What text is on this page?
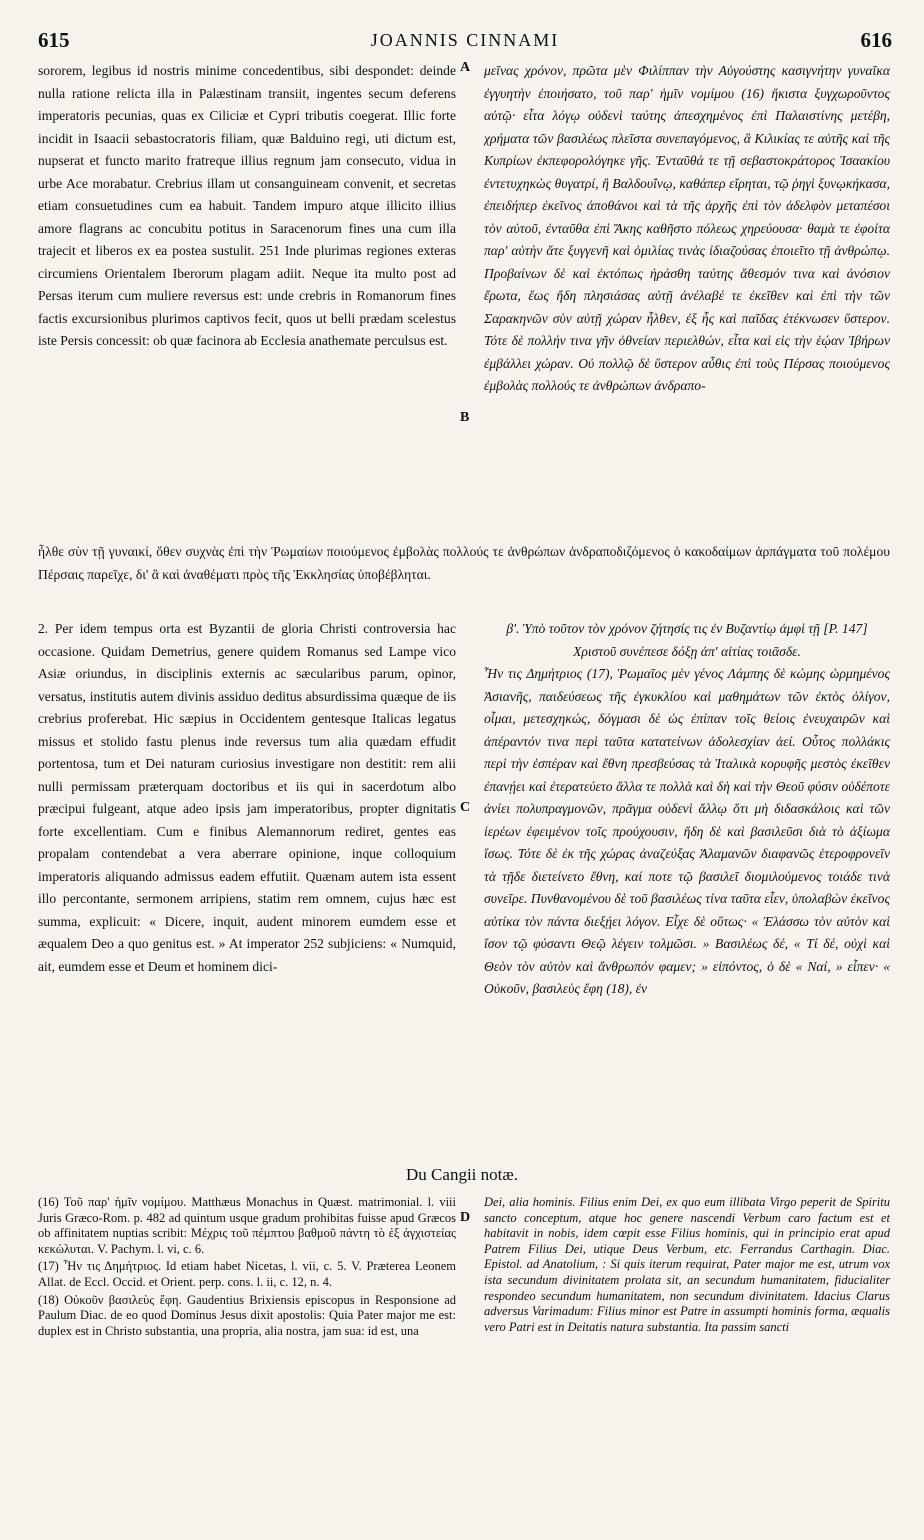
615	JOANNIS CINNAMI	616
A
B
C
D
sororem, legibus id nostris minime concedentibus, sibi despondet: deinde nulla ratione relicta illa in Palæstinam transiit, ingentes secum deferens imperatoris pecunias, quas ex Ciliciæ et Cypri tributis coegerat. Illic forte incidit in Isaacii sebastocratoris filiam, quæ Balduino regi, uti dictum est, nupserat et functo marito fratreque illius regnum jam consecuto, vidua in urbe Ace morabatur. Crebrius illam ut consanguineam convenit, et secretas etiam consuetudines cum ea habuit. Tandem impuro atque illicito illius amore flagrans ac concubitu potitus in Saracenorum fines una cum illa trajecit et liberos ex ea postea sustulit. 251 Inde plurimas regiones exteras circumiens Orientalem Iberorum plagam adiit. Neque ita multo post ad Persas iterum cum muliere reversus est: unde crebris in Romanorum fines factis excursionibus plurimos captivos fecit, quos ut belli prædam scelestus iste Persis concessit: ob quæ facinora ab Ecclesia anathemate perculsus est.
μεῖνας χρόνον, πρῶτα μὲν Φιλίππαν τὴν Αὐγούστης κασιγνήτην γυναῖκα ἐγγυητὴν ἐποιήσατο, τοῦ παρ' ἡμῖν νομίμου (16) ἥκιστα ξυγχωροῦντος αὐτῷ· εἶτα λόγῳ οὐδενὶ ταύτης ἀπεσχημένος ἐπὶ Παλαιστίνης μετέβη, χρήματα τῶν βασιλέως πλεῖστα συνεπαγόμενος, ἃ Κιλικίας τε αὐτῆς καὶ τῆς Κυπρίων ἐκπεφορολόγηκε γῆς. Ἐνταῦθά τε τῇ σεβαστοκράτορος Ἰσαακίου ἐντετυχηκὼς θυγατρί, ἣ Βαλδουΐνῳ, καθάπερ εἴρηται, τῷ ῥηγὶ ξυνῳκήκασα, ἐπειδήπερ ἐκεῖνος ἀποθάνοι καὶ τὰ τῆς ἀρχῆς ἐπὶ τὸν ἀδελφὸν μεταπέσοι τὸν αὐτοῦ, ἐνταῦθα ἐπὶ Ἄκης καθῆστο πόλεως χηρεύουσα· θαμὰ τε ἐφοίτα παρ' αὐτὴν ἅτε ξυγγενῆ καὶ ὁμιλίας τινὰς ἰδιαζούσας ἐποιεῖτο τῇ ἀνθρώπῳ. Προβαίνων δὲ καὶ ἐκτόπως ἠράσθη ταύτης ἄθεσμόν τινα καὶ ἀνόσιον ἔρωτα, ἕως ἤδη πλησιάσας αὐτῇ ἀνέλαβέ τε ἐκεῖθεν καὶ ἐπὶ τὴν τῶν Σαρακηνῶν σὺν αὐτῇ χώραν ἦλθεν, ἐξ ἧς καὶ παῖδας ἐτέκνωσεν ὕστερον. Τότε δὲ πολλήν τινα γῆν ὀθνείαν περιελθών, εἶτα καὶ εἰς τὴν ἑῴαν Ἰβήρων ἐμβάλλει χώραν. Οὐ πολλῷ δὲ ὕστερον αὖθις ἐπὶ τοὺς Πέρσας ποιούμενος ἐμβολὰς πολλούς τε ἀνθρώπων ἀνδραπο-
ἦλθε σὺν τῇ γυναικί, ὅθεν συχνὰς ἐπὶ τὴν Ῥωμαίων ποιούμενος ἐμβολὰς πολλούς τε ἀνθρώπων ἀνδραποδιζόμενος ὁ κακοδαίμων ἁρπάγματα τοῦ πολέμου Πέρσαις παρεῖχε, δι' ἃ καὶ ἀναθέματι πρὸς τῆς Ἐκκλησίας ὑποβέβληται.
2. Per idem tempus orta est Byzantii de gloria Christi controversia hac occasione. Quidam Demetrius, genere quidem Romanus sed Lampe vico Asiæ oriundus, in disciplinis externis ac sæcularibus parum, opinor, versatus, institutis autem divinis assiduo deditus absurdissima quæque de iis crebrius proferebat. Hic sæpius in Occidentem gentesque Italicas legatus missus et stolido fastu plenus inde reversus tum alia quædam effudit portentosa, tum et Dei naturam curiosius investigare non destitit: rem alii nulli permissam præterquam doctoribus et iis qui in sacerdotum albo præcipui fulgeant, atque adeo ipsis jam imperatoribus, propter dignitatis forte excellentiam. Cum e finibus Alemannorum rediret, gentes eas propalam contendebat a vera aberrare opinione, inque colloquium imperatoris aliquando admissus eadem effutiit. Quænam autem ista essent illo percontante, sermonem arripiens, statim rem omnem, cujus hæc est summa, explicuit: « Dicere, inquit, audent minorem eumdem esse et æqualem Deo a quo genitus est. » At imperator 252 subjiciens: « Numquid, ait, eumdem esse et Deum et hominem dici-
β'. Ὑπὸ τοῦτον τὸν χρόνον ζήτησίς τις ἐν Βυζαντίῳ ἀμφὶ τῇ [P. 147] Χριστοῦ συνέπεσε δόξῃ ἀπ' αἰτίας τοιᾶσδε.
Ἦν τις Δημήτριος (17), Ῥωμαῖος μὲν γένος Λάμπης δὲ κώμης ὡρμημένος Ἀσιανῆς, παιδεύσεως τῆς ἐγκυκλίου καὶ μαθημάτων τῶν ἐκτὸς ὀλίγον, οἶμαι, μετεσχηκώς, δόγμασι δὲ ὡς ἐπίπαν τοῖς θείοις ἐνευχαιρῶν καὶ ἀπέραντόν τινα περὶ ταῦτα κατατείνων ἀδολεσχίαν ἀεί. Οὗτος πολλάκις περὶ τὴν ἑσπέραν καὶ ἔθνη πρεσβεύσας τὰ Ἰταλικὰ κορυφῆς μεστὸς ἐκεῖθεν ἐπανῄει καὶ ἐτερατεύετο ἄλλα τε πολλὰ καὶ δὴ καὶ τὴν Θεοῦ φύσιν οὐδέποτε ἀνίει πολυπραγμονῶν, πρᾶγμα οὐδενὶ ἄλλῳ ὅτι μὴ διδασκάλοις καὶ τῶν ἱερέων ἐφειμένον τοῖς προύχουσιν, ἤδη δὲ καὶ βασιλεῦσι διὰ τὸ ἀξίωμα ἴσως. Τότε δὲ ἐκ τῆς χώρας ἀναζεύξας Ἀλαμανῶν διαφανῶς ἑτεροφρονεῖν τὰ τῇδε διετείνετο ἔθνη, καί ποτε τῷ βασιλεῖ διομιλούμενος τοιάδε τινὰ συνεῖρε. Πυνθανομένου δὲ τοῦ βασιλέως τίνα ταῦτα εἶεν, ὑπολαβὼν ἐκεῖνος αὐτίκα τὸν πάντα διεξῄει λόγον. Εἶχε δὲ οὕτως· « Ἐλάσσω τὸν αὐτὸν καὶ ἴσον τῷ φύσαντι Θεῷ λέγειν τολμῶσι. » Βασιλέως δέ, « Τί δέ, οὐχὶ καὶ Θεὸν τὸν αὐτὸν καὶ ἄνθρωπόν φαμεν; » εἰπόντος, ὁ δὲ « Ναί, » εἶπεν· « Οὐκοῦν, βασιλεὺς ἔφη (18), ἐν
Du Cangii notæ.

(16) Τοῦ παρ' ἡμῖν νομίμου. Matthæus Monachus in Quæst. matrimonial. l. viii Juris Græco-Rom. p. 482 ad quintum usque gradum prohibitas fuisse apud Græcos ob affinitatem nuptias scribit: Μέχρις τοῦ πέμπτου βαθμοῦ πάντη τὸ ἐξ ἀγχιστείας κεκώλυται. V. Pachym. l. vi, c. 6.

(17) Ἦν τις Δημήτριος. Id etiam habet Nicetas, l. vii, c. 5. V. Præterea Leonem Allat. de Eccl. Occid. et Orient. perp. cons. l. ii, c. 12, n. 4.

(18) Οὐκοῦν βασιλεὺς ἔφη. Gaudentius Brixiensis episcopus in Responsione ad Paulum Diac. de eo quod Dominus Jesus dixit apostolis: Quia Pater major me est: duplex est in Christo substantia, una propria, alia nostra, jam sua: id est, una

Dei, alia hominis. Filius enim Dei, ex quo eum illibata Virgo peperit de Spiritu sancto conceptum, atque hoc genere nascendi Verbum caro factum est et habitavit in nobis, idem cœpit esse Filius hominis, qui in principio erat apud Patrem Filius Dei, utique Deus Verbum, etc. Ferrandus Carthagin. Diac. Epistol. ad Anatolium, : Si quis iterum requirat, Pater major me est, utrum vox ista secundum divinitatem prolata sit, an secundum humanitatem, fiducialiter respondeo secundum humanitatem, non secundum divinitatem. Idacius Clarus adversus Varimadum: Filius minor est Patre in assumpti hominis forma, æqualis vero Patri est in Deitatis natura substantia. Ita passim sancti
